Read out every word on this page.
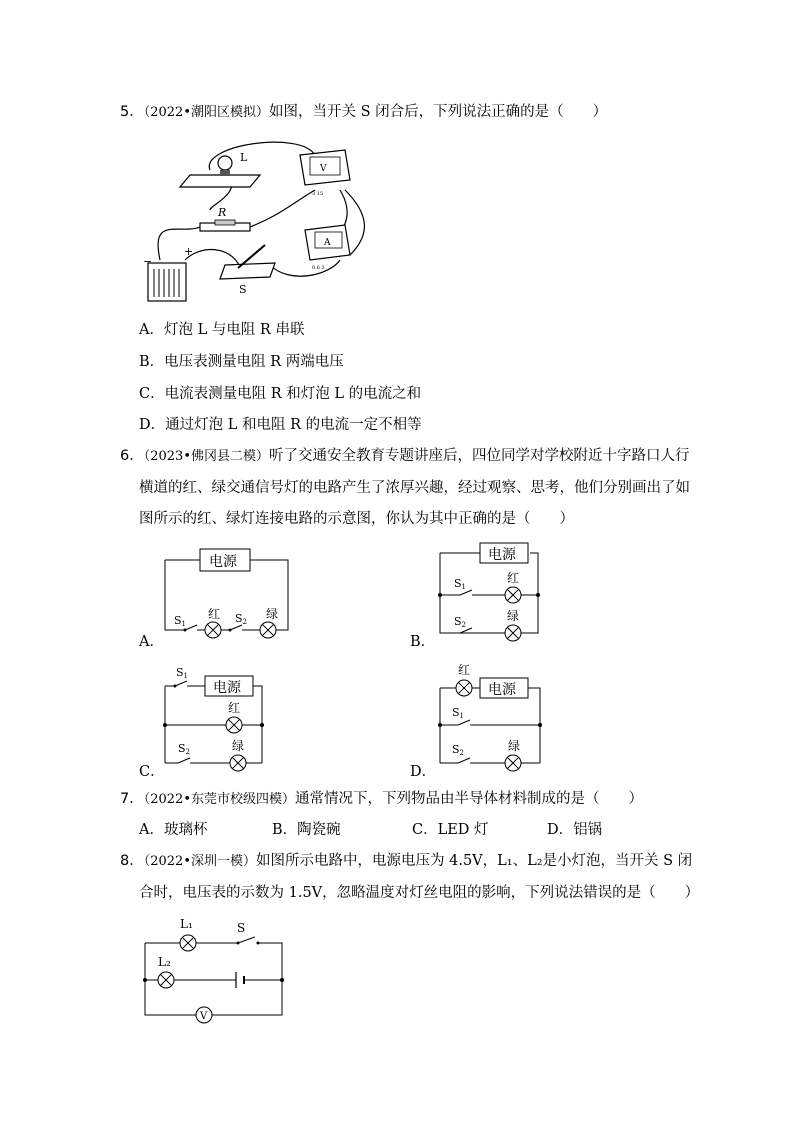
5．（2022•潮阳区模拟）如图，当开关 S 闭合后，下列说法正确的是（　　）
L
V
3 15
R
A
0.6 3
−
+
S
A．灯泡 L 与电阻 R 串联
B．电压表测量电阻 R 两端电压
C．电流表测量电阻 R 和灯泡 L 的电流之和
D．通过灯泡 L 和电阻 R 的电流一定不相等
6．（2023•佛冈县二模）听了交通安全教育专题讲座后，四位同学对学校附近十字路口人行
横道的红、绿交通信号灯的电路产生了浓厚兴趣，经过观察、思考，他们分别画出了如
图所示的红、绿灯连接电路的示意图，你认为其中正确的是（　　）
A．
电源
S1
红 S2
绿
B．
电源
S1
红
S2
绿
C．
电源
S1
红
S2	绿
D．
电源
红
S1
S2	绿
7．（2022•东莞市校级四模）通常情况下，下列物品由半导体材料制成的是（　　）
A．玻璃杯	B．陶瓷碗	C．LED 灯	D．铝锅
8．（2022•深圳一模）如图所示电路中，电源电压为 4.5V，L₁、L₂是小灯泡，当开关 S 闭
合时，电压表的示数为 1.5V，忽略温度对灯丝电阻的影响，下列说法错误的是（　　）
V
L₁	S
L₂
